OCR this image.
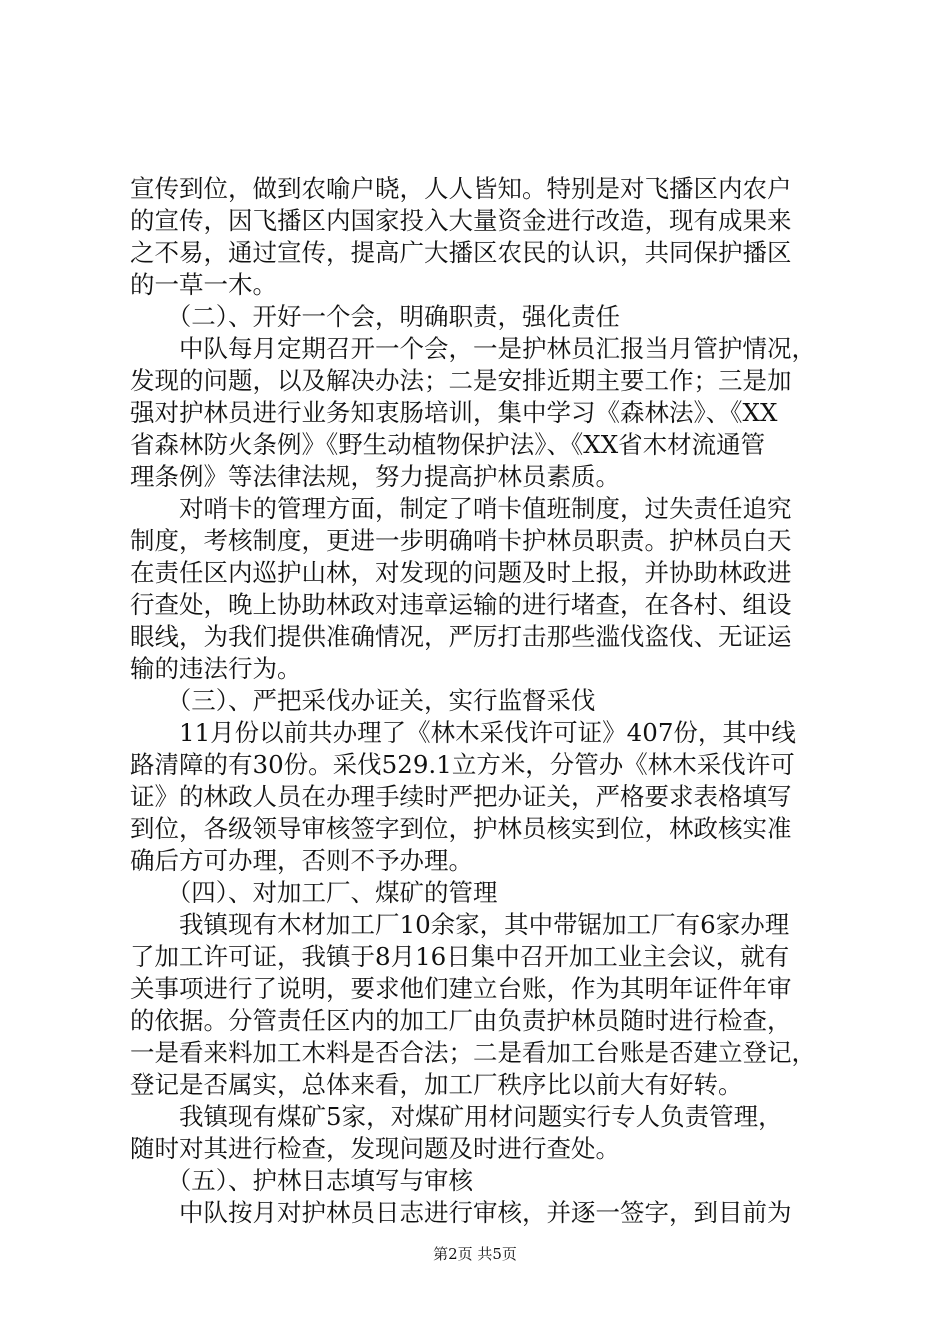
宣传到位，做到农喻户晓，人人皆知。特别是对飞播区内农户
的宣传，因飞播区内国家投入大量资金进行改造，现有成果来
之不易，通过宣传，提高广大播区农民的认识，共同保护播区
的一草一木。
　　（二）、开好一个会，明确职责，强化责任
　　中队每月定期召开一个会，一是护林员汇报当月管护情况，
发现的问题，以及解决办法；二是安排近期主要工作；三是加
强对护林员进行业务知衷肠培训，集中学习《森林法》、《XX
省森林防火条例》《野生动植物保护法》、《XX省木材流通管
理条例》等法律法规，努力提高护林员素质。
　　对哨卡的管理方面，制定了哨卡值班制度，过失责任追究
制度，考核制度，更进一步明确哨卡护林员职责。护林员白天
在责任区内巡护山林，对发现的问题及时上报，并协助林政进
行查处，晚上协助林政对违章运输的进行堵查，在各村、组设
眼线，为我们提供准确情况，严厉打击那些滥伐盗伐、无证运
输的违法行为。
　　（三）、严把采伐办证关，实行监督采伐
　　11月份以前共办理了《林木采伐许可证》407份，其中线
路清障的有30份。采伐529.1立方米，分管办《林木采伐许可
证》的林政人员在办理手续时严把办证关，严格要求表格填写
到位，各级领导审核签字到位，护林员核实到位，林政核实准
确后方可办理，否则不予办理。
　　（四）、对加工厂、煤矿的管理
　　我镇现有木材加工厂10余家，其中带锯加工厂有6家办理
了加工许可证，我镇于8月16日集中召开加工业主会议，就有
关事项进行了说明，要求他们建立台账，作为其明年证件年审
的依据。分管责任区内的加工厂由负责护林员随时进行检查，
一是看来料加工木料是否合法；二是看加工台账是否建立登记，
登记是否属实，总体来看，加工厂秩序比以前大有好转。
　　我镇现有煤矿5家，对煤矿用材问题实行专人负责管理，
随时对其进行检查，发现问题及时进行查处。
　　（五）、护林日志填写与审核
　　中队按月对护林员日志进行审核，并逐一签字，到目前为
第2页 共5页
